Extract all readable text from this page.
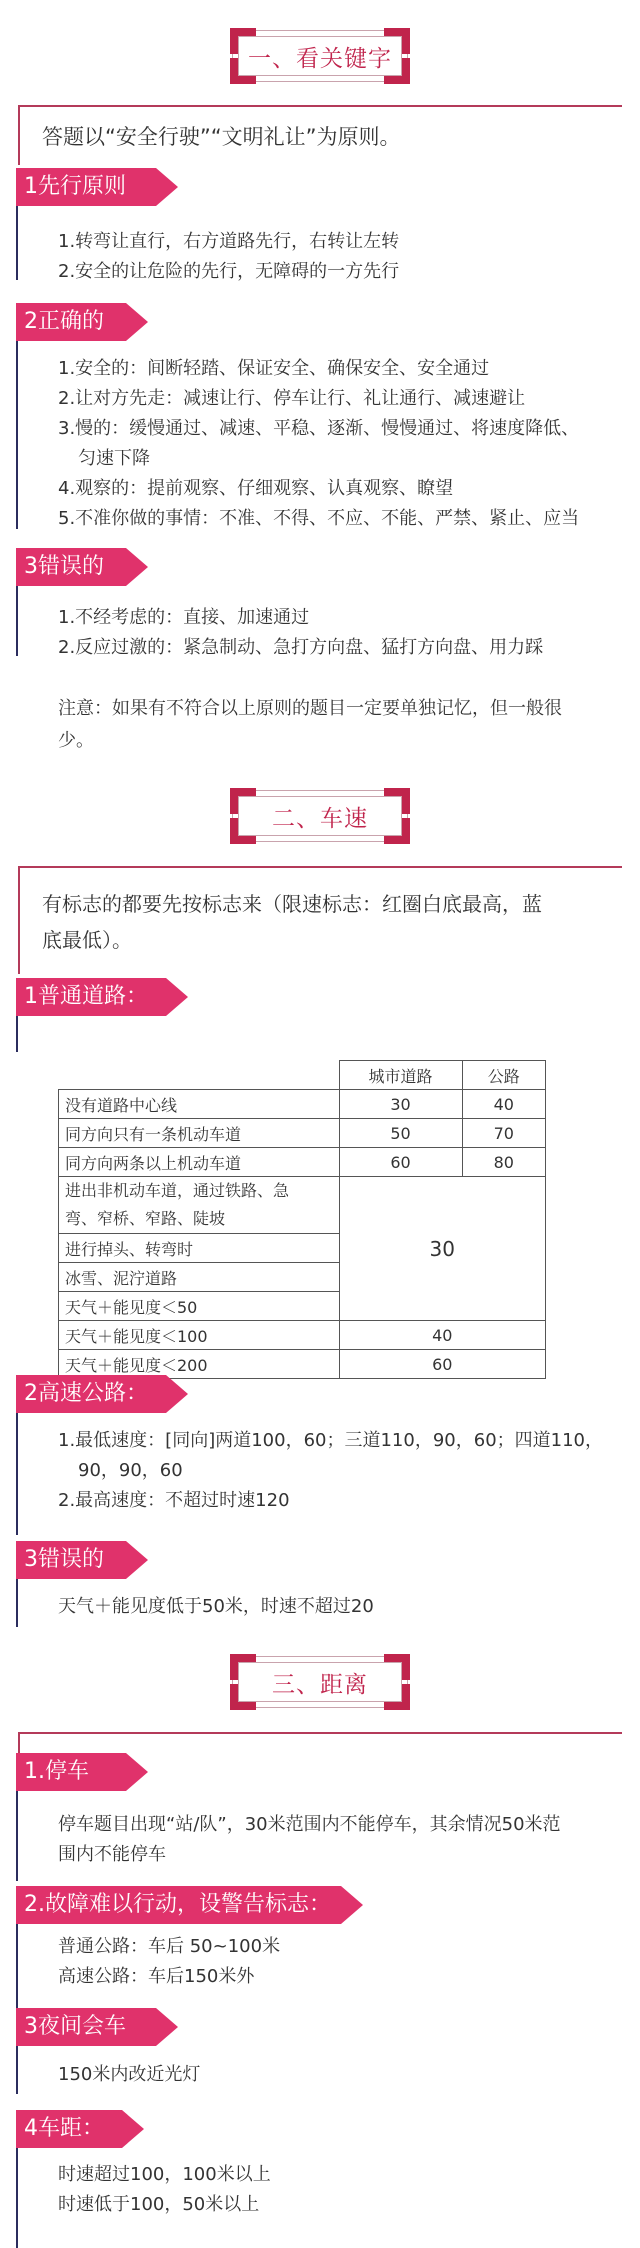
一、看关键字
答题以“安全行驶”“文明礼让”为原则。
1先行原则
1.转弯让直行，右方道路先行，右转让左转
2.安全的让危险的先行，无障碍的一方先行
2正确的
1.安全的：间断轻踏、保证安全、确保安全、安全通过
2.让对方先走：减速让行、停车让行、礼让通行、减速避让
3.慢的：缓慢通过、减速、平稳、逐渐、慢慢通过、将速度降低、
匀速下降
4.观察的：提前观察、仔细观察、认真观察、瞭望
5.不准你做的事情：不准、不得、不应、不能、严禁、紧止、应当
3错误的
1.不经考虑的：直接、加速通过
2.反应过激的：紧急制动、急打方向盘、猛打方向盘、用力踩
注意：如果有不符合以上原则的题目一定要单独记忆，但一般很
少。
二、车速
有标志的都要先按标志来（限速标志：红圈白底最高，蓝
底最低）。
1普通道路：
	城市道路	公路
没有道路中心线	30	40
同方向只有一条机动车道	50	70
同方向两条以上机动车道	60	80

进出非机动车道，通过铁路、急
弯、窄桥、窄路、陡坡	30	
进行掉头、转弯时		
冰雪、泥泞道路		
天气＋能见度＜50		
天气＋能见度＜100	40	
天气＋能见度＜200	60	
2高速公路：
1.最低速度：[同向]两道100，60；三道110，90，60；四道110，
90，90，60
2.最高速度：不超过时速120
3错误的
天气＋能见度低于50米，时速不超过20
三、距离
1.停车
停车题目出现“站/队”，30米范围内不能停车，其余情况50米范
围内不能停车
2.故障难以行动，设警告标志：
普通公路：车后 50~100米
高速公路：车后150米外
3夜间会车
150米内改近光灯
4车距：
时速超过100，100米以上
时速低于100，50米以上
